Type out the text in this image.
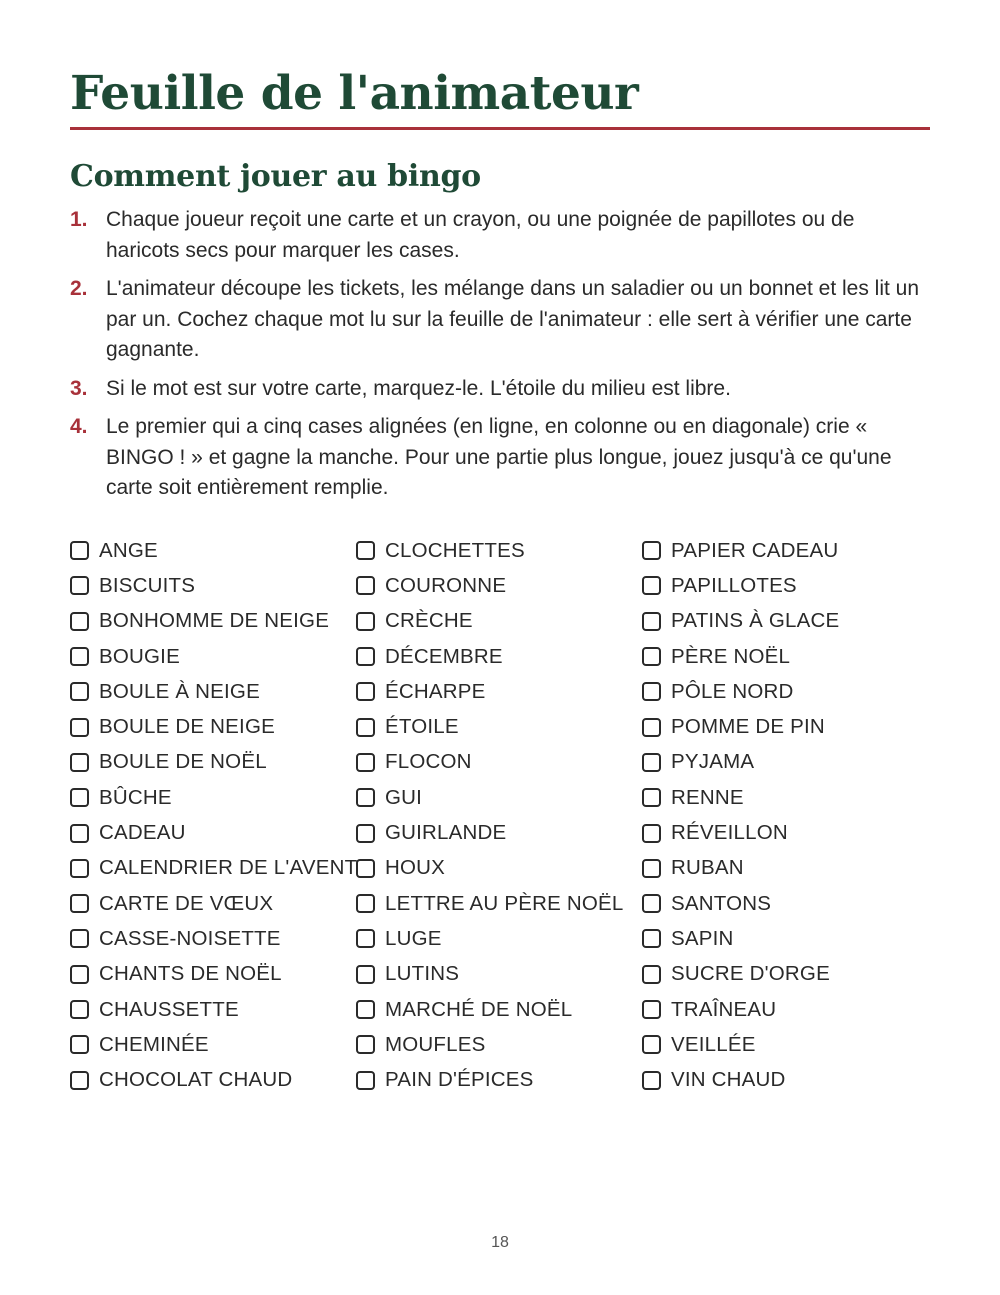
Feuille de l'animateur
Comment jouer au bingo
1. Chaque joueur reçoit une carte et un crayon, ou une poignée de papillotes ou de haricots secs pour marquer les cases.
2. L'animateur découpe les tickets, les mélange dans un saladier ou un bonnet et les lit un par un. Cochez chaque mot lu sur la feuille de l'animateur : elle sert à vérifier une carte gagnante.
3. Si le mot est sur votre carte, marquez-le. L'étoile du milieu est libre.
4. Le premier qui a cinq cases alignées (en ligne, en colonne ou en diagonale) crie « BINGO ! » et gagne la manche. Pour une partie plus longue, jouez jusqu'à ce qu'une carte soit entièrement remplie.
ANGE
BISCUITS
BONHOMME DE NEIGE
BOUGIE
BOULE À NEIGE
BOULE DE NEIGE
BOULE DE NOËL
BÛCHE
CADEAU
CALENDRIER DE L'AVENT
CARTE DE VŒUX
CASSE-NOISETTE
CHANTS DE NOËL
CHAUSSETTE
CHEMINÉE
CHOCOLAT CHAUD
CLOCHETTES
COURONNE
CRÈCHE
DÉCEMBRE
ÉCHARPE
ÉTOILE
FLOCON
GUI
GUIRLANDE
HOUX
LETTRE AU PÈRE NOËL
LUGE
LUTINS
MARCHÉ DE NOËL
MOUFLES
PAIN D'ÉPICES
PAPIER CADEAU
PAPILLOTES
PATINS À GLACE
PÈRE NOËL
PÔLE NORD
POMME DE PIN
PYJAMA
RENNE
RÉVEILLON
RUBAN
SANTONS
SAPIN
SUCRE D'ORGE
TRAÎNEAU
VEILLÉE
VIN CHAUD
18
